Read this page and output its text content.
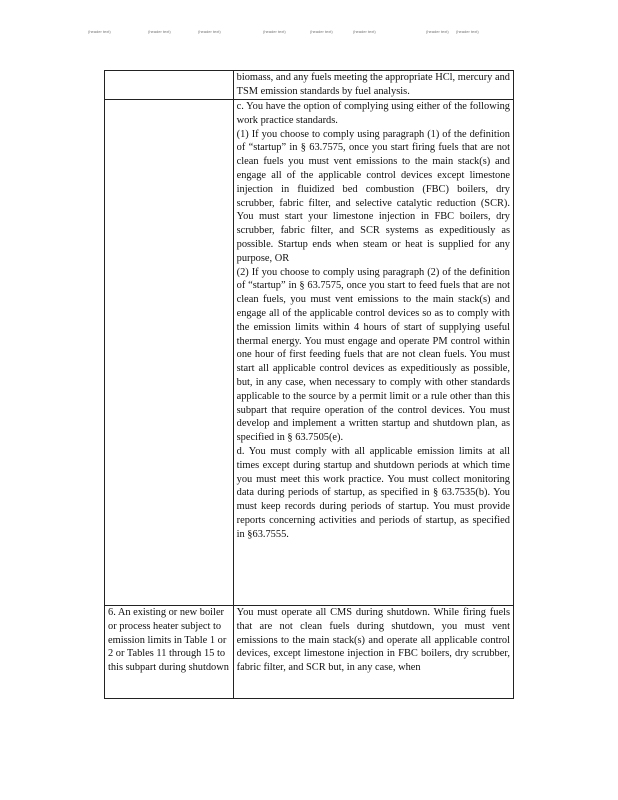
(header text)	(header text)	(header text)	(header text)	(header text)	(header text)	(header text) (header text)
	biomass, and any fuels meeting the appropriate HCl, mercury and TSM emission standards by fuel analysis.

	c. You have the option of complying using either of the following work practice standards.
(1) If you choose to comply using paragraph (1) of the definition of “startup” in § 63.7575, once you start firing fuels that are not clean fuels you must vent emissions to the main stack(s) and engage all of the applicable control devices except limestone injection in fluidized bed combustion (FBC) boilers, dry scrubber, fabric filter, and selective catalytic reduction (SCR). You must start your limestone injection in FBC boilers, dry scrubber, fabric filter, and SCR systems as expeditiously as possible. Startup ends when steam or heat is supplied for any purpose, OR
(2) If you choose to comply using paragraph (2) of the definition of “startup” in § 63.7575, once you start to feed fuels that are not clean fuels, you must vent emissions to the main stack(s) and engage all of the applicable control devices so as to comply with the emission limits within 4 hours of start of supplying useful thermal energy. You must engage and operate PM control within one hour of first feeding fuels that are not clean fuels. You must start all applicable control devices as expeditiously as possible, but, in any case, when necessary to comply with other standards applicable to the source by a permit limit or a rule other than this subpart that require operation of the control devices. You must develop and implement a written startup and shutdown plan, as specified in § 63.7505(e).
d. You must comply with all applicable emission limits at all times except during startup and shutdown periods at which time you must meet this work practice. You must collect monitoring data during periods of startup, as specified in § 63.7535(b). You must keep records during periods of startup. You must provide reports concerning activities and periods of startup, as specified in §63.7555.

6. An existing or new boiler or process heater subject to emission limits in Table 1 or 2 or Tables 11 through 15 to this subpart during shutdown	You must operate all CMS during shutdown. While firing fuels that are not clean fuels during shutdown, you must vent emissions to the main stack(s) and operate all applicable control devices, except limestone injection in FBC boilers, dry scrubber, fabric filter, and SCR but, in any case, when
